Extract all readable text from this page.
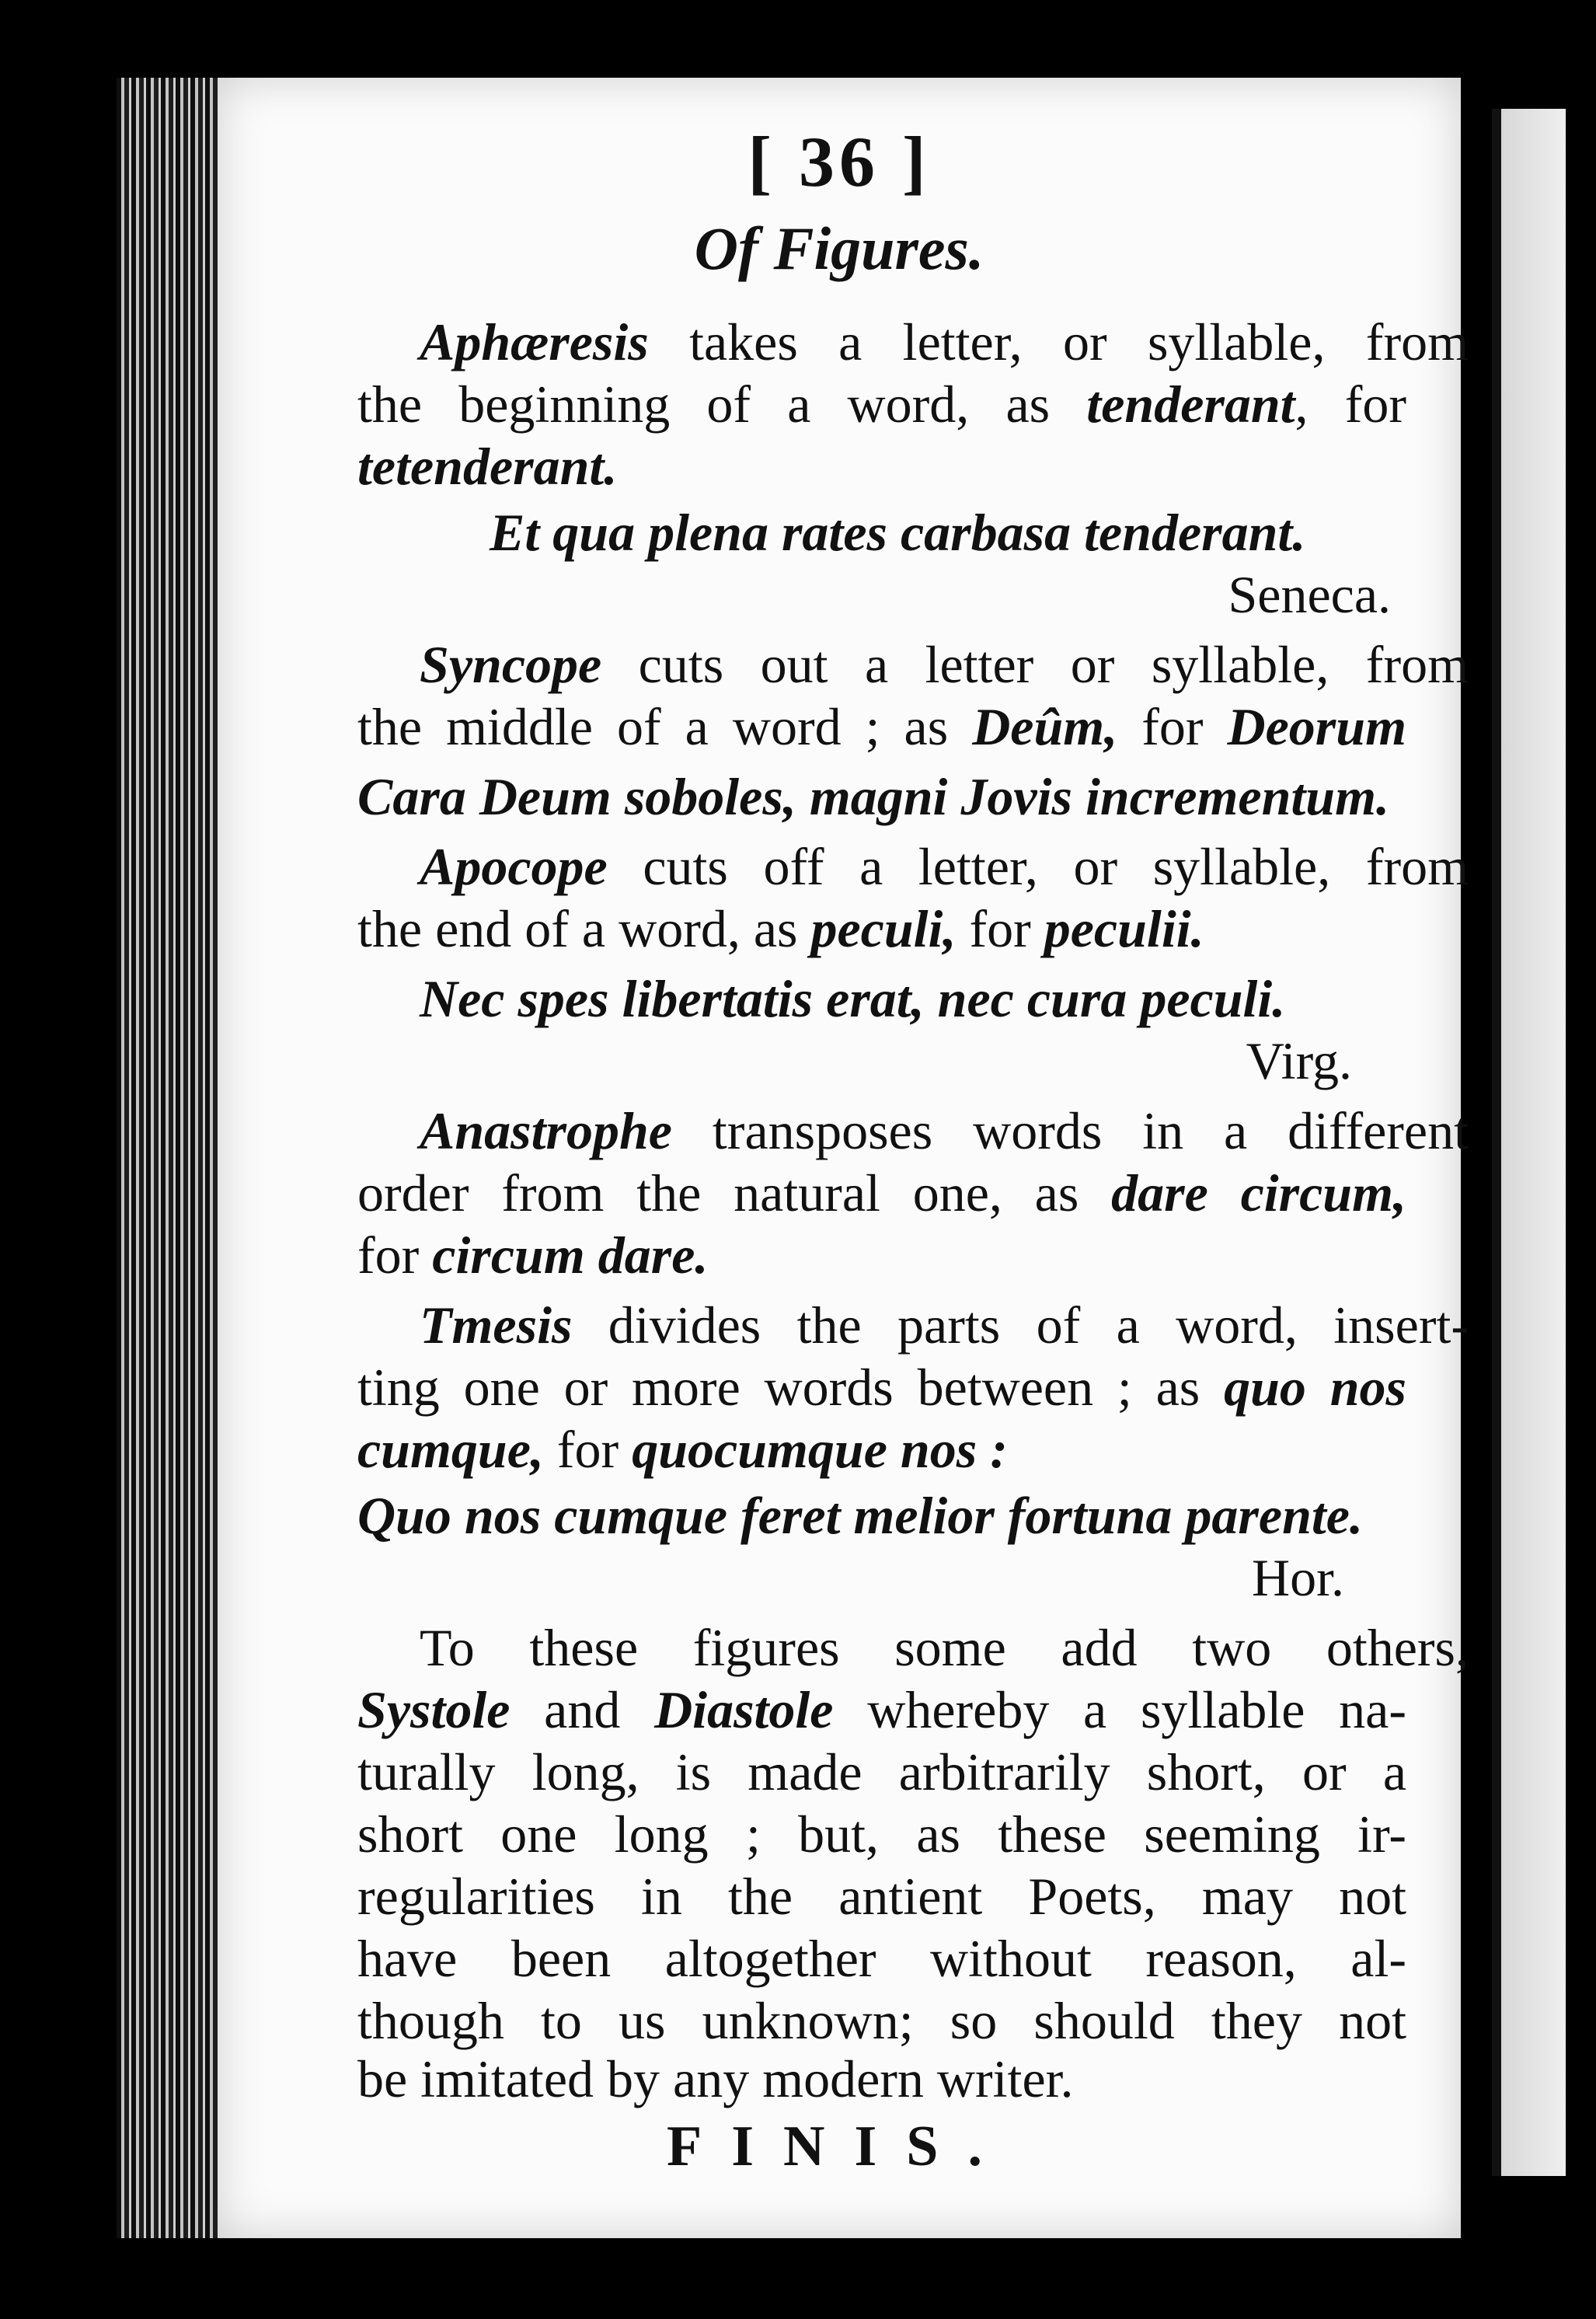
[ 36 ]
Of Figures.
Aphæresis takes a letter, or syllable, from
the beginning of a word, as tenderant, for
tetenderant.
Et qua plena rates carbasa tenderant.
Seneca.
Syncope cuts out a letter or syllable, from
the middle of a word ; as Deûm, for Deorum
Cara Deum soboles, magni Jovis incrementum.
Apocope cuts off a letter, or syllable, from
the end of a word, as peculi, for peculii.
Nec spes libertatis erat, nec cura peculi.
Virg.
Anastrophe transposes words in a different
order from the natural one, as dare circum,
for circum dare.
Tmesis divides the parts of a word, insert-
ting one or more words between ; as quo nos
cumque, for quocumque nos :
Quo nos cumque feret melior fortuna parente.
Hor.
To these figures some add two others,
Systole and Diastole whereby a syllable na-
turally long, is made arbitrarily short, or a
short one long ; but, as these seeming ir-
regularities in the antient Poets, may not
have been altogether without reason, al-
though to us unknown; so should they not
be imitated by any modern writer.
FINIS.
